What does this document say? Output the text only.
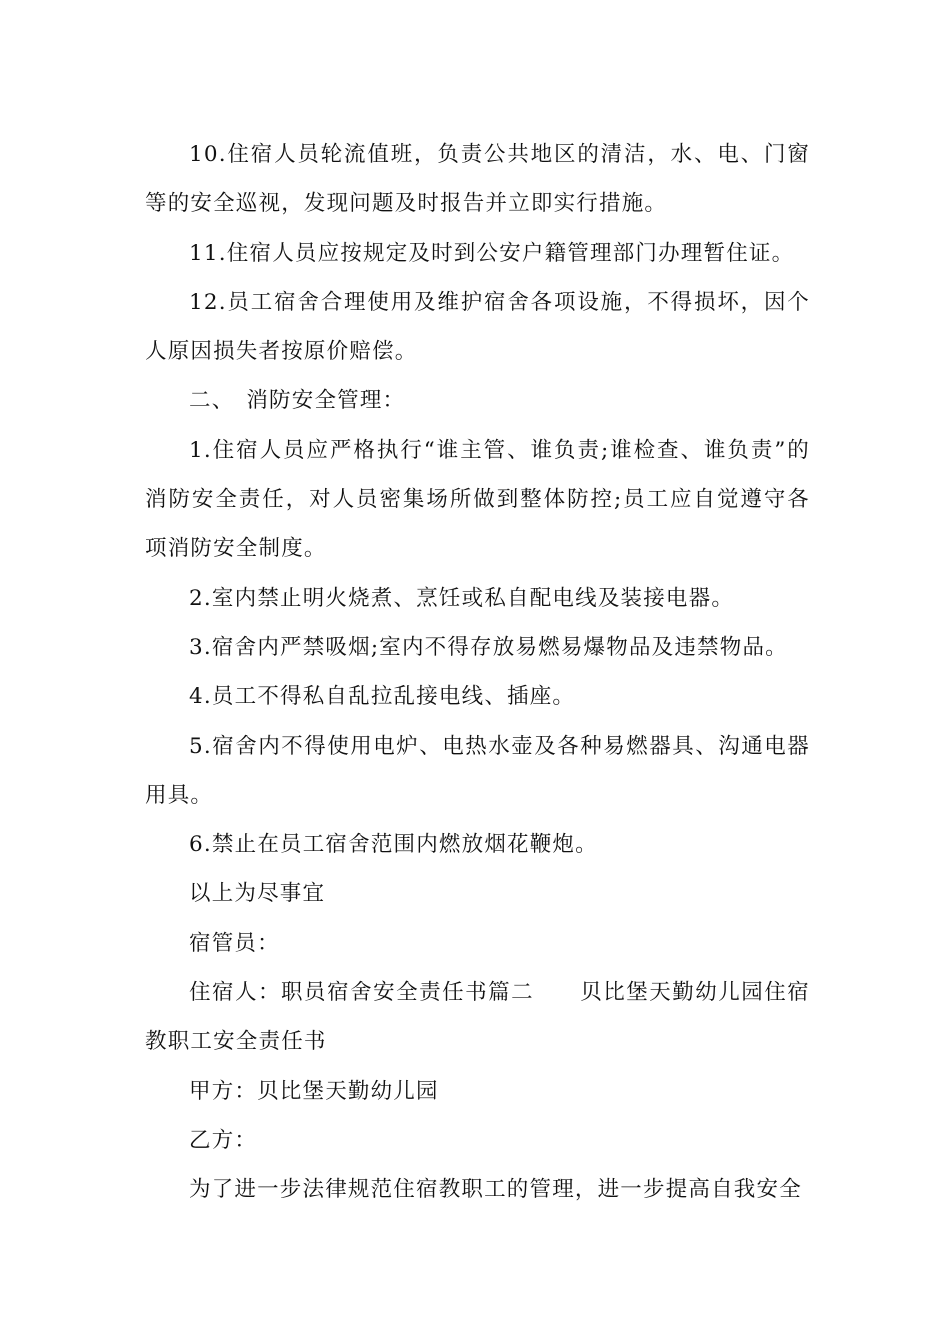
10.住宿人员轮流值班，负责公共地区的清洁，水、电、门窗等的安全巡视，发现问题及时报告并立即实行措施。

11.住宿人员应按规定及时到公安户籍管理部门办理暂住证。

12.员工宿舍合理使用及维护宿舍各项设施，不得损坏，因个人原因损失者按原价赔偿。

二、　消防安全管理：

1.住宿人员应严格执行“谁主管、谁负责;谁检查、谁负责”的消防安全责任，对人员密集场所做到整体防控;员工应自觉遵守各项消防安全制度。

2.室内禁止明火烧煮、烹饪或私自配电线及装接电器。

3.宿舍内严禁吸烟;室内不得存放易燃易爆物品及违禁物品。

4.员工不得私自乱拉乱接电线、插座。

5.宿舍内不得使用电炉、电热水壶及各种易燃器具、沟通电器用具。

6.禁止在员工宿舍范围内燃放烟花鞭炮。

以上为尽事宜

宿管员：

住宿人：职员宿舍安全责任书篇二　　贝比堡天勤幼儿园住宿教职工安全责任书

甲方：贝比堡天勤幼儿园

乙方：

为了进一步法律规范住宿教职工的管理，进一步提高自我安全
